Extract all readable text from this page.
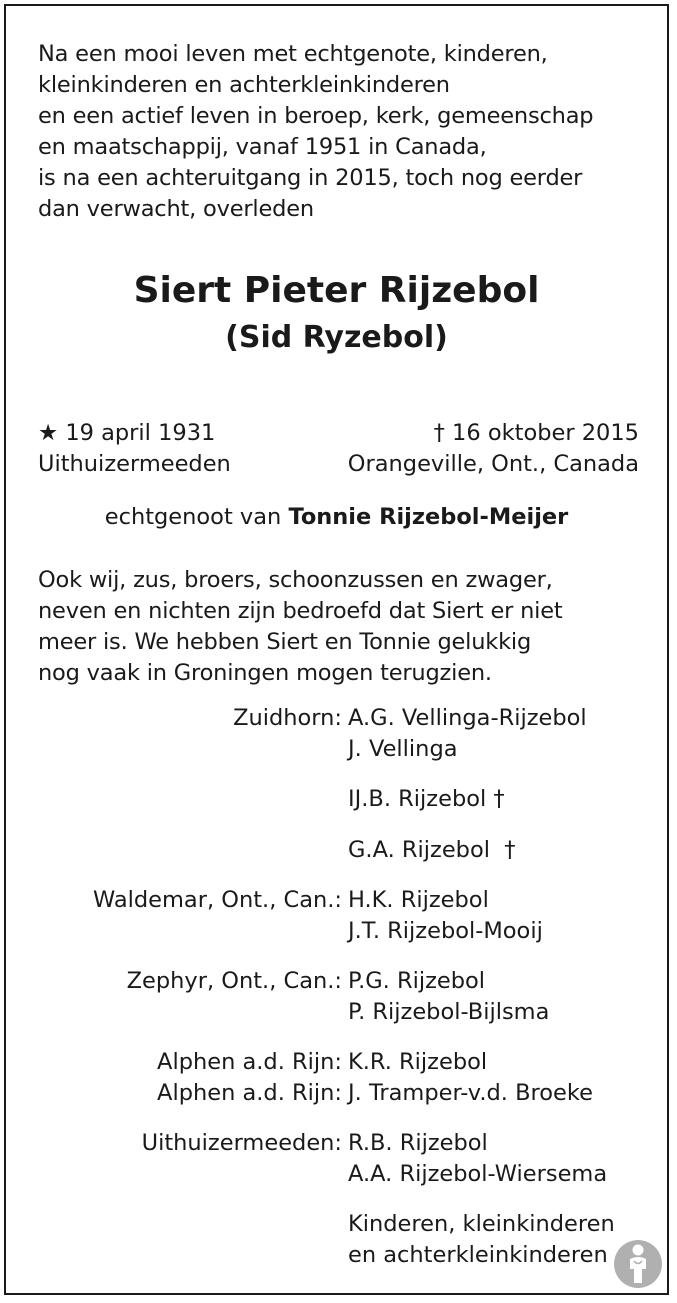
Na een mooi leven met echtgenote, kinderen,
kleinkinderen en achterkleinkinderen
en een actief leven in beroep, kerk, gemeenschap
en maatschappij, vanaf 1951 in Canada,
is na een achteruitgang in 2015, toch nog eerder
dan verwacht, overleden
Siert Pieter Rijzebol
(Sid Ryzebol)
★ 19 april 1931	† 16 oktober 2015
Uithuizermeeden	Orangeville, Ont., Canada
echtgenoot van Tonnie Rijzebol-Meijer
Ook wij, zus, broers, schoonzussen en zwager,
neven en nichten zijn bedroefd dat Siert er niet
meer is. We hebben Siert en Tonnie gelukkig
nog vaak in Groningen mogen terugzien.
Zuidhorn: A.G. Vellinga-Rijzebol
J. Vellinga
IJ.B. Rijzebol †
G.A. Rijzebol  †
Waldemar, Ont., Can.: H.K. Rijzebol
J.T. Rijzebol-Mooij
Zephyr, Ont., Can.: P.G. Rijzebol
P. Rijzebol-Bijlsma
Alphen a.d. Rijn: K.R. Rijzebol
Alphen a.d. Rijn: J. Tramper-v.d. Broeke
Uithuizermeeden: R.B. Rijzebol
A.A. Rijzebol-Wiersema
Kinderen, kleinkinderen
en achterkleinkinderen
